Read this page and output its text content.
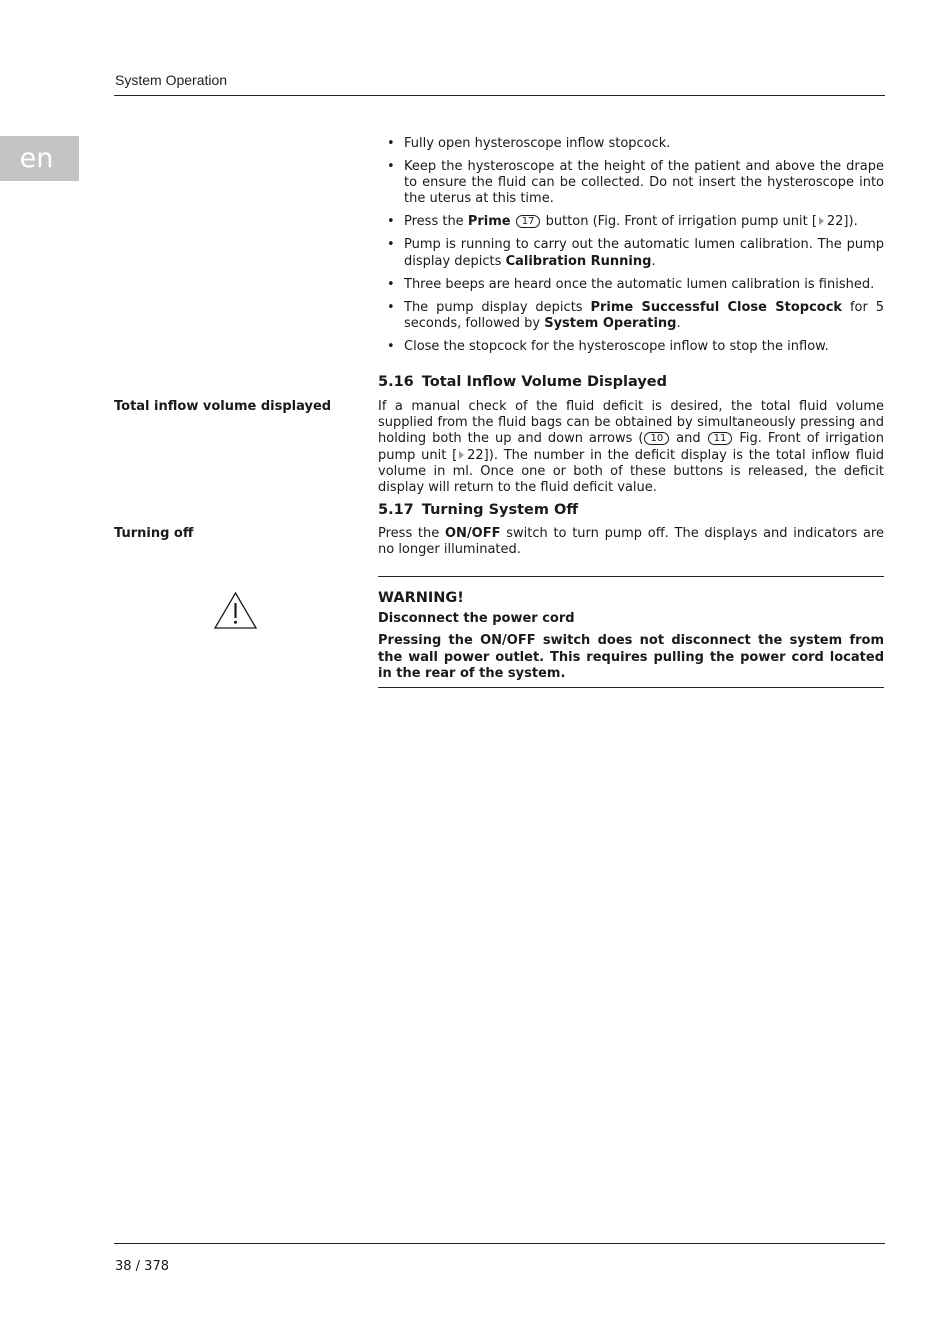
System Operation
en
•	Fully open hysteroscope inflow stopcock.
• Keep the hysteroscope at the height of the patient and above the drape to ensure the fluid can be collected. Do not insert the hysteroscope into the uterus at this time.
• Press the Prime 17 button (Fig. Front of irrigation pump unit [ 22]).
• Pump is running to carry out the automatic lumen calibration. The pump display depicts Calibration Running.
• Three beeps are heard once the automatic lumen calibration is finished.
• The pump display depicts Prime Successful Close Stopcock for 5 seconds, followed by System Operating.
• Close the stopcock for the hysteroscope inflow to stop the inflow.
5.16 Total Inflow Volume Displayed
Total inflow volume displayed	If a manual check of the fluid deficit is desired, the total fluid volume supplied from the fluid bags can be obtained by simultaneously pressing and holding both the up and down arrows ( 10 and 11 Fig. Front of irrigation pump unit [ 22]). The number in the deficit display is the total inflow fluid volume in ml. Once one or both of these buttons is released, the deficit display will return to the fluid deficit value.
5.17 Turning System Off
Turning off	Press the ON/OFF switch to turn pump off. The displays and indicators are no longer illuminated.
WARNING!
Disconnect the power cord
Pressing the ON/OFF switch does not disconnect the system from the wall power outlet. This requires pulling the power cord located in the rear of the system.
38 / 378
